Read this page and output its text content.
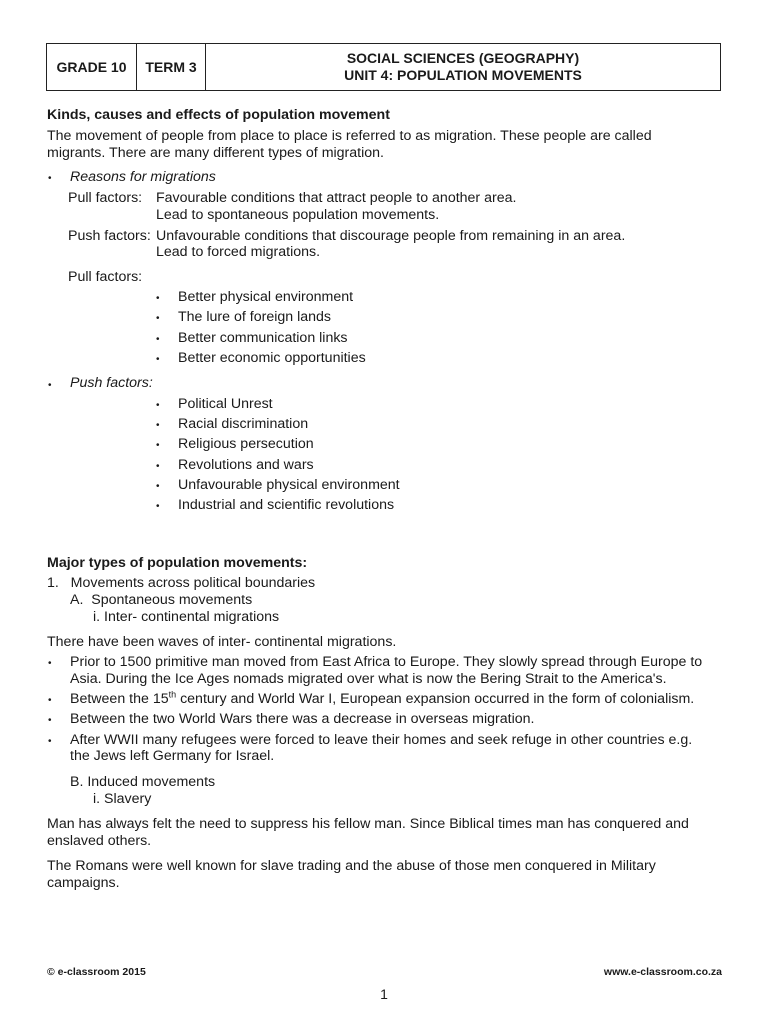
GRADE 10	TERM 3
SOCIAL SCIENCES (GEOGRAPHY)
UNIT 4: POPULATION MOVEMENTS
Kinds, causes and effects of population movement
The movement of people from place to place is referred to as migration. These people are called
migrants. There are many different types of migration.
• Reasons for migrations
Pull factors: Favourable conditions that attract people to another area.
Lead to spontaneous population movements.
Push factors: Unfavourable conditions that discourage people from remaining in an area.
Lead to forced migrations.
Pull factors:
• Better physical environment
• The lure of foreign lands
• Better communication links
• Better economic opportunities
• Push factors:
• Political Unrest
• Racial discrimination
• Religious persecution
• Revolutions and wars
• Unfavourable physical environment
• Industrial and scientific revolutions
Major types of population movements:
1.   Movements across political boundaries
A.  Spontaneous movements
i. Inter- continental migrations
There have been waves of inter- continental migrations.
• Prior to 1500 primitive man moved from East Africa to Europe. They slowly spread through Europe to
Asia. During the Ice Ages nomads migrated over what is now the Bering Strait to the America's.
• Between the 15th century and World War I, European expansion occurred in the form of colonialism.
• Between the two World Wars there was a decrease in overseas migration.
• After WWII many refugees were forced to leave their homes and seek refuge in other countries e.g.
the Jews left Germany for Israel.
B. Induced movements
i. Slavery
Man has always felt the need to suppress his fellow man. Since Biblical times man has conquered and
enslaved others.
The Romans were well known for slave trading and the abuse of those men conquered in Military
campaigns.
© e-classroom 2015	www.e-classroom.co.za
1
